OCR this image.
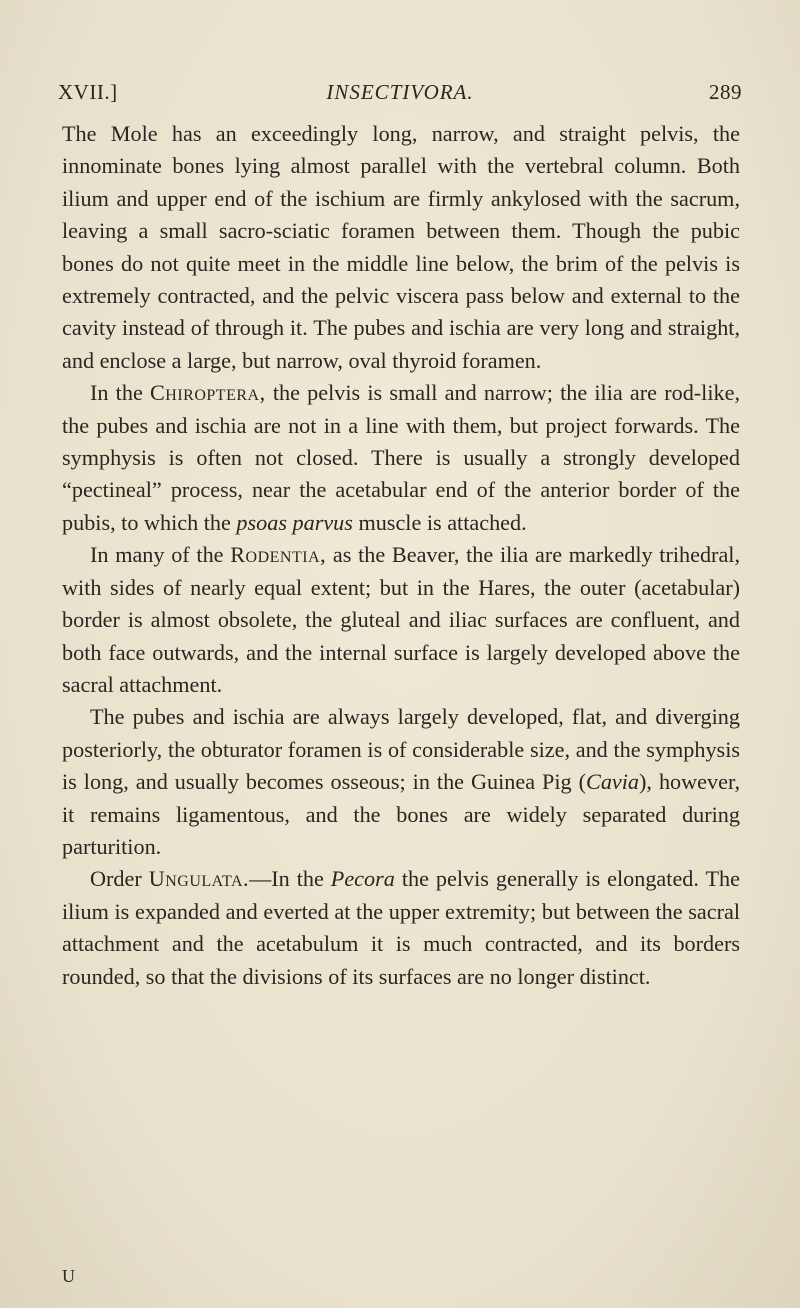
XVII.]	INSECTIVORA.	289

The Mole has an exceedingly long, narrow, and straight pelvis, the innominate bones lying almost parallel with the vertebral column. Both ilium and upper end of the ischium are firmly ankylosed with the sacrum, leaving a small sacro-sciatic foramen between them. Though the pubic bones do not quite meet in the middle line below, the brim of the pelvis is extremely contracted, and the pelvic viscera pass below and external to the cavity instead of through it. The pubes and ischia are very long and straight, and enclose a large, but narrow, oval thyroid foramen.

In the Chiroptera, the pelvis is small and narrow; the ilia are rod-like, the pubes and ischia are not in a line with them, but project forwards. The symphysis is often not closed. There is usually a strongly developed “pectineal” process, near the acetabular end of the anterior border of the pubis, to which the psoas parvus muscle is attached.

In many of the Rodentia, as the Beaver, the ilia are markedly trihedral, with sides of nearly equal extent; but in the Hares, the outer (acetabular) border is almost obsolete, the gluteal and iliac surfaces are confluent, and both face outwards, and the internal surface is largely developed above the sacral attachment.

The pubes and ischia are always largely developed, flat, and diverging posteriorly, the obturator foramen is of considerable size, and the symphysis is long, and usually becomes osseous; in the Guinea Pig (Cavia), however, it remains ligamentous, and the bones are widely separated during parturition.

Order Ungulata.—In the Pecora the pelvis generally is elongated. The ilium is expanded and everted at the upper extremity; but between the sacral attachment and the acetabulum it is much contracted, and its borders rounded, so that the divisions of its surfaces are no longer distinct.

U
